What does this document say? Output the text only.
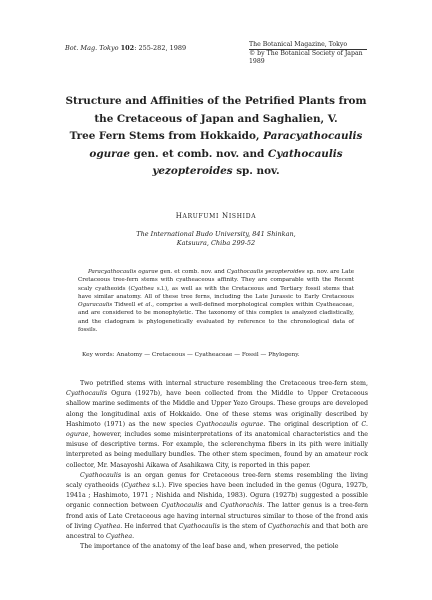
Bot. Mag. Tokyo 102: 255-282, 1989	The Botanical Magazine, Tokyo
© by The Botanical Society of Japan 1989
Structure and Affinities of the Petrified Plants from
the Cretaceous of Japan and Saghalien, V.
Tree Fern Stems from Hokkaido, Paracyathocaulis
ogurae gen. et comb. nov. and Cyathocaulis
yezopteroides sp. nov.
HARUFUMI NISHIDA
The International Budo University, 841 Shinkan,
Katsuura, Chiba 299-52
Paracyathocaulis ogurae gen. et comb. nov. and Cyathocaulis yezopteroides sp. nov. are Late Cretaceous tree-fern stems with cyatheaceous affinity. They are comparable with the Recent scaly cyatheoids (Cyathea s.l.), as well as with the Cretaceous and Tertiary fossil stems that have similar anatomy. All of these tree ferns, including the Late Jurassic to Early Cretaceous Oguracaulis Tidwell et al., comprise a well-defined morphological complex within Cyatheaceae, and are considered to be monophyletic. The taxonomy of this complex is analyzed cladistically, and the cladogram is phylogenetically evaluated by reference to the chronological data of fossils.
Key words: Anatomy — Cretaceous — Cyatheaceae — Fossil — Phylogeny.

Two petrified stems with internal structure resembling the Cretaceous tree-fern stem, Cyathocaulis Ogura (1927b), have been collected from the Middle to Upper Cretaceous shallow marine sediments of the Middle and Upper Yezo Groups. These groups are developed along the longitudinal axis of Hokkaido. One of these stems was originally described by Hashimoto (1971) as the new species Cyathocaulis ogurae. The original description of C. ogurae, however, includes some misinterpretations of its anatomical characteristics and the misuse of descriptive terms. For example, the sclerenchyma fibers in its pith were initially interpreted as being medullary bundles. The other stem specimen, found by an amateur rock collector, Mr. Masayoshi Aikawa of Asahikawa City, is reported in this paper.

Cyathocaulis is an organ genus for Cretaceous tree-fern stems resembling the living scaly cyatheoids (Cyathea s.l.). Five species have been included in the genus (Ogura, 1927b, 1941a ; Hashimoto, 1971 ; Nishida and Nishida, 1983). Ogura (1927b) suggested a possible organic connection between Cyathocaulis and Cyathorachis. The latter genus is a tree-fern frond axis of Late Cretaceous age having internal structures similar to those of the frond axis of living Cyathea. He inferred that Cyathocaulis is the stem of Cyathorachis and that both are ancestral to Cyathea.

The importance of the anatomy of the leaf base and, when preserved, the petiole
